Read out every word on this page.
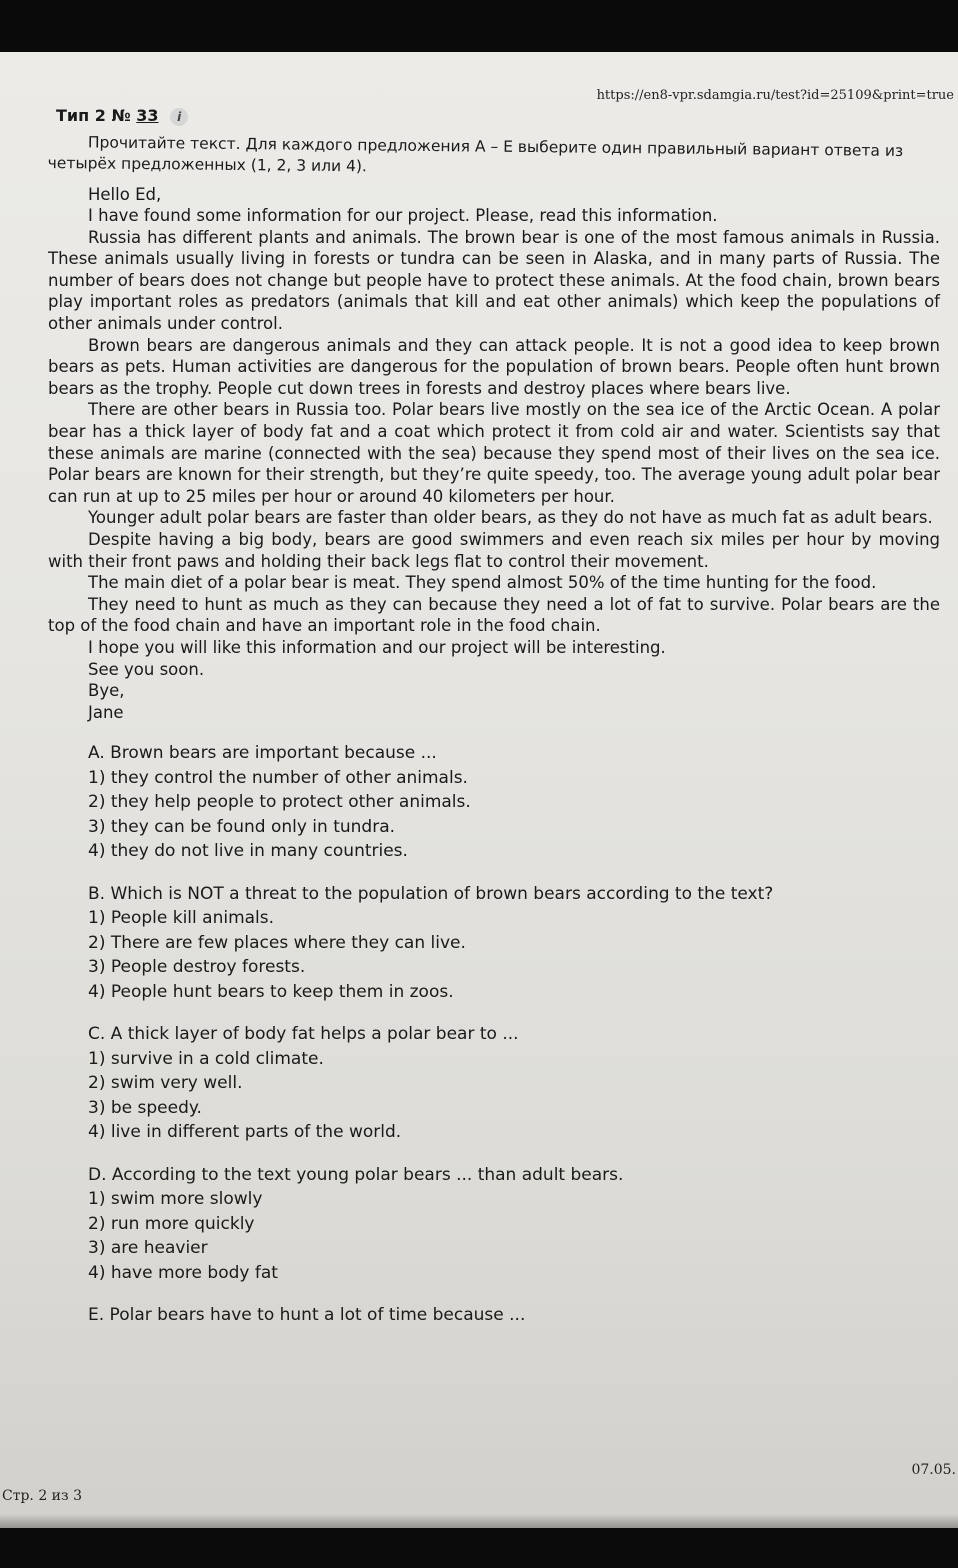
https://en8-vpr.sdamgia.ru/test?id=25109&print=true
Тип 2 № 33 i

Прочитайте текст. Для каждого предложения А – Е выберите один правильный вариант ответа из четырёх предложенных (1, 2, 3 или 4).

Hello Ed,

I have found some information for our project. Please, read this information.

Russia has different plants and animals. The brown bear is one of the most famous animals in Russia. These animals usually living in forests or tundra can be seen in Alaska, and in many parts of Russia. The number of bears does not change but people have to protect these animals. At the food chain, brown bears play important roles as predators (animals that kill and eat other animals) which keep the populations of other animals under control.

Brown bears are dangerous animals and they can attack people. It is not a good idea to keep brown bears as pets. Human activities are dangerous for the population of brown bears. People often hunt brown bears as the trophy. People cut down trees in forests and destroy places where bears live.

There are other bears in Russia too. Polar bears live mostly on the sea ice of the Arctic Ocean. A polar bear has a thick layer of body fat and a coat which protect it from cold air and water. Scientists say that these animals are marine (connected with the sea) because they spend most of their lives on the sea ice. Polar bears are known for their strength, but they’re quite speedy, too. The average young adult polar bear can run at up to 25 miles per hour or around 40 kilometers per hour.

Younger adult polar bears are faster than older bears, as they do not have as much fat as adult bears.

Despite having a big body, bears are good swimmers and even reach six miles per hour by moving with their front paws and holding their back legs flat to control their movement.

The main diet of a polar bear is meat. They spend almost 50% of the time hunting for the food.

They need to hunt as much as they can because they need a lot of fat to survive. Polar bears are the top of the food chain and have an important role in the food chain.

I hope you will like this information and our project will be interesting.

See you soon.

Bye,

Jane

A. Brown bears are important because ...

1) they control the number of other animals.

2) they help people to protect other animals.

3) they can be found only in tundra.

4) they do not live in many countries.

B. Which is NOT a threat to the population of brown bears according to the text?

1) People kill animals.

2) There are few places where they can live.

3) People destroy forests.

4) People hunt bears to keep them in zoos.

C. A thick layer of body fat helps a polar bear to ...

1) survive in a cold climate.

2) swim very well.

3) be speedy.

4) live in different parts of the world.

D. According to the text young polar bears ... than adult bears.

1) swim more slowly

2) run more quickly

3) are heavier

4) have more body fat

E. Polar bears have to hunt a lot of time because ...

07.05.
Стр. 2 из 3
